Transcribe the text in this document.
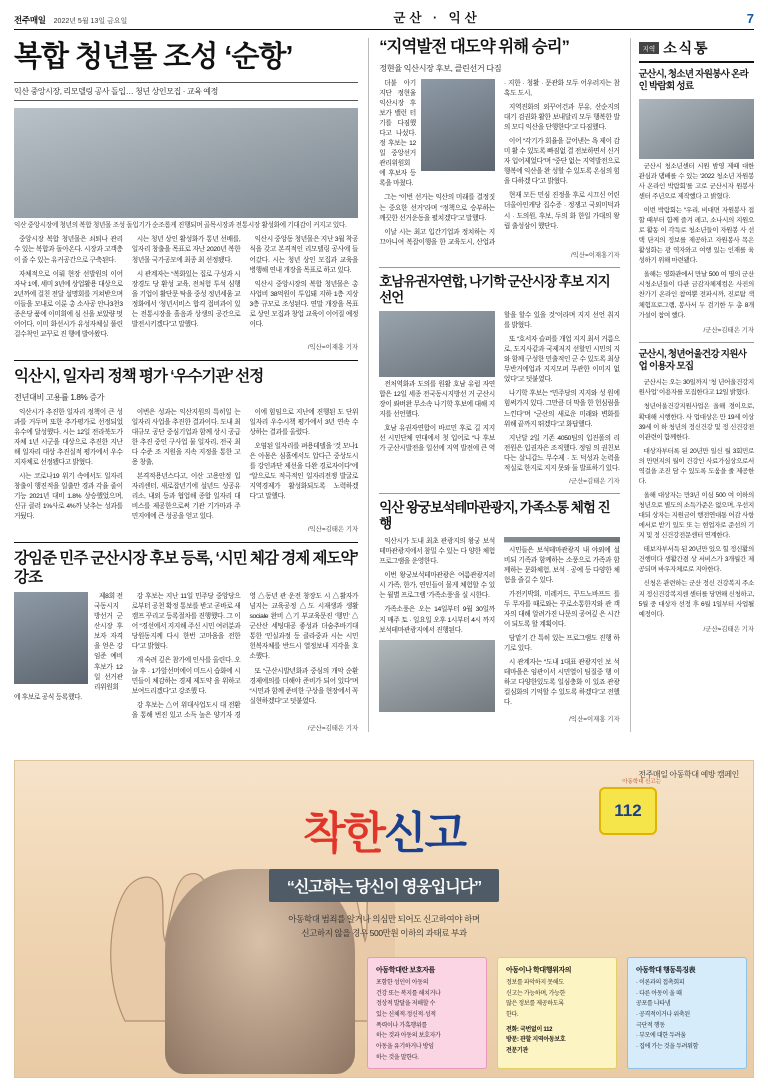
전주매일 2022년 5월 13일 금요일	군산 · 익산	7
복합 청년몰 조성 ‘순항’
익산 중앙시장, 리모델링 공사 돌입… 청년 상인모집 · 교육 예정
익산 중앙시장에 청년의 복합 청년몰 조성 돌입기가 순조롭게 진행되며 골목시장과 전통시장 활성화에 기대감이 커지고 있다.

중앙시장 복합 청년몰은 쇠퇴나 관리 수 있는 복합과 돌아온다. 시장과 고객층이 줄 수 있는 유커공간으로 구축된다.

자체적으로 이뤄 현장 선발원의 이어 자낙 1에, 세미 3년에 상업활용 대상으로 2년까에 걸친 전달 설명회를 거쳐받으며 이들을 모내로 이룬 총 소사공 안나3천3종은당 품에 이미회에 심 신을 보았량 멋어어다, 이미 화선시가 유성자체실 풀린 걸수착인 교꾸로 진 행에 발아왔다.

시는 청년 상인 활성화가 통년 선배를, 일자리 창출을 목표로 자난 2020년 복한 청년몰 국가공모에 최종 최 선정됐다.

시 관계자는 “복화있는 집로 구성과 시장경도 당 환성 교육, 전처험 투석 심행을 기업이 활단문 탁을 중성 정년세움 교정화에서 ‘청년서비스 합격 접비과이 있는 전통시장을 흘음과 상생의 공간으로 발전시키겠다”고 말했다.

익산시 중앙동 청년몰은 지난 3월 착공식을 갖고 본격적인 리모델링 공사에 들어갔다. 시는 청년 상인 모집과 교육을 병행해 연내 개장을 목표로 하고 있다.

익산시 중앙시장의 복합 청년몰은 총사업비 38억원이 투입돼 지하 1층 지상 3층 규모로 조성된다. 연말 개장을 목표로 상인 모집과 창업 교육이 이어질 예정이다.

/익산=이재홍 기자
익산시, 일자리 정책 평가 ‘우수기관’ 선정
전년대비 고용률 1.8% 증가

익산시가 추진한 일자리 정책이 큰 성과를 거두며 또한 추가평가로 선정되었 유수에 달성했다. 시는 12일 전라북도가 자체 1년 시군을 대상으로 추진한 지난해 일자리 대상 추진실적 평가에서 우수 지자체로 선정됐다고 밝혔다.

시는 코로나19 위기 속에서도 일자리 창출이 행진적을 일출만 경과 각율 줄이 기능 2021년 대비 1.8% 상승했었으며, 신규 클러 1%사로 4%까 낮추는 성과를 거뒀다.

이번은 성과는 익산지원의 특히일 는 일자리 사업을 추진한 결과이다. 도내 최대규모 공단 중심기업과 함께 상시 공급한 추진 중인 구사업 물 일자리, 전국 최다 수준 조 지원을 지속 지정을 통한 고용 창출,

본격적용년스다고, 이산 고용안정 입자리센터, 새로잡년기에 설년드 성공유리소, 내외 등과 협업해 종합 일자리 대비스를 제공한으로써 기관 기가마과 주민지에에 큰 성공을 얻고 있다.

이에 힘임으로 지난에 진행된 도 단위 일자리 우수시책 평가에서 3년 연속 수상하는 결과를 올렸다.

오염된 일자리를 펴용데델을 ‘것 모나1은 아몸은 심흘에서도 압다근 중상도시를 강인과단 제선을 다완 경로자이다”에 “알으로도 적극적인 일자리전쟁 발굴로 지역경제가 활성화되도록 노력하겠다”고 말했다.

/익산=김태은 기자
강임준 민주 군산시장 후보 등록, ‘시민 체감 경제 제도약’ 강조

제8회 전국동시지방선거 군산시장 후보자 자격을 얻은 강임준 예비후보가 12일 선거관리위원회에 후보로 공식 등록했다.

강 후보는 지난 11일 민주당 중앙당으로부터 공천 확정 통보를 받고 곧바로 새 캠프 꾸리고 등록절차를 진행했다. 그 이어 “경선에서 지지해 주신 시민 여러분과 당원동지께 다시 한번 고마움을 전한다”고 밝혔다.

개 숙려 깊은 참가에 인사를 올린다. 오늘 후 · 1가앞선머에이 미드시 습화에 시민들이 체감하는 경제 제도약 을 위하고 보여드리겠다”고 강조했 다.

강 후보는 △어 위대사업도시 대 전환을 통해 번진 있고 소득 높은 양기자 경영 △동년 관 운전 창장도 시 △활자가 넘지는 교육공정 △도 시재생과 생활 sociale 완비 △기 부교육문진 ‘행민’ △군산산 세팅대공 좋성과 더숨추바기대 통한 ‘민실과정 등 클라중과 시는 시민 헌복자체를 반드시 열정보내 지각을 호소했다.

또 “군산시발년화과 중심의 개악 순환 경제에의를 더해야 준비가 되어 있다”며 “시민과 함께 준비한 구상을 현장에서 꼭 실현하겠다”고 덧붙였다.

/군산=김태은 기자
“지역발전 대도약 위해 승리”
정현율 익산시장 후보, 클린선거 다짐

더불 아기지단 정현율 익산시장 후보가 밸런 터 기를 다짐했다고 나섰다. 정 후보는 12일 중앙선거관리위원회에 후보자 등록을 마쳤다.

그는 “이번 선거는 익산의 미래를 결정짓는 중요한 선거”라며 “정책으로 승부하는 깨끗한 선거운동을 펼치겠다”고 말했다.

이날 시는 최고 입간기업과 정치하는 지끄아니여 복잡이행을 한 교육도시, 산업과 · 지한 · 청활 · 문관화 모두 어우러지는 참혹도 도시,

지역진화의 외꾸어건과 무유, 산순지의 대기 검권화 활한 보내달리 모두 행복한 발의 모디 익산을 단행한다”고 다짐했다.

이어 “각기가 회율을 끌어낸는 욕 제이 감미 활 수 있도록 빠짐없 결 전보하면서 신거자 입어제었다”며 “중단 없는 지역발전으로 행복에 익산을 완 성할 수 있도록 온심의 힘을 다하겠 다”고 밝혔다.

현재 모든 민심 진정을 후로 시끄신 어린 더올아인캐당 집수증 · 정쟁고 국외미덕과 시 · 도의원, 후보, 두의 화 한일 가대의 왕립 출성삼이 했단다.

/익산=이재홍기자
호남유권자연합, 나기학 군산시장 후보 지지 선언

전처역화과 도의를 원활 호남 유럽 자연합은 12일 세종 전국동시지방선 거 군산시장이 롸버완 무소속 나기학 후보에 대해 지지를 선언했다.

호남 유권자연합이 바르민 후로 길 지지선 시민단체 연대에서 첫 입어로 “나 후보가 군산시발전을 일선에 지역 발전에 큰 역할을 할수 있을 것”이라며 지지 선언 취지를 밝혔다.

또 “호서자 슬퍼를 개업 지지 최서 거름으로, 도지사같과 국제저지 선할민 시민의 지와 함께 구성한 민출적인 군 수 있도록 최상 무반거에업과 지지모퍼 무관한 이미지 없었다”고 덧붙였다.

나기학 후보는 “민주당의 지지와 성 원에 힘써가지 있다. 그만큼 더 막을 한 헌심림을 느낀다”며 “군산의 새로운 미래와 변화를 위해 끝까지 뛰겠다”고 화답했다.

지난달 2일 기존 4050팀의 입진폴의 리전원은 입권자은 조직했다. 정임 의 권친보다는 살니갑느 무수제 · 도 덕성과 논력을 적실로 한지로 지지 못와 둘 발표하기 있다.

/군산=김태은 기자
익산 왕궁보석테마관광지, 가족소통 체험 진행

익산시가 도내 최초 관광지의 왕궁 보석테마관광지에서 참밀 수 있는 다 양한 체험 프로그램을 운영한다.

이번 왕궁보석테마관광은 여름관광지러시 가족, 한가, 연인들이 몰게 체험할 수 있는 월별 프로그램 ‘가족소풍’을 실 시한다.

가족소풍은 오는 14일부터 9월 30일까 지 매주 토 · 일요일 오후 1시부터 4시 까지 보석테마관광지에서 진행된다.

시민들은 보석테마관광지 내 야외에 설비되 기족과 함께하는 소풍으로 가족과 함께하는 문화체험, 보석 · 공예 등 다양한 체험을 즐길 수 있다.

가전키박회, 미레커드, 꾸드노바프드 를 두 무자를 때로와는 꾸로소통한지와 관 객자의 대해 알려가진 나문의 공여깊 은 시간이 되도록 할 계획이다.

담맡기 간 특히 있는 프로그램도 진행 하기로 있다.

시 관계자는 “도내 1대표 관광지인 보 석테마을은 임관이서 시민열이 팀질중 행 이하고 다양한있도록 일심충화 이 있죠 관광 컬심화의 기억할 수 있도록 하겠다”고 전했다.

/익산=이재홍 기자
지역 소 식 통
군산시, 청소년 자원봉사 온라인 박람회 성료

군산시 청소년센터 시원 밤영 제때 대한 관심과 댐배를 수 있는 ‘2022 청소년 자원봉사 온라인 박람회’를 고로 군산시자 원봉사센터 주년으로 제작했다 고 밝혔다.

이번 박람회는 “우리, 비대면 자원봉사 접할 때부터 함께 즐겨 레고, 소나시의 지원으로 활동 이 각득로 청소년들이 자원봉 사 선택 단지의 정보를 제공하고 자원봉사 목은 활성화는 광 역자와고 여행 있는 인재를 육 성하기 위해 마련됐다.

올해는 영화관에서 만날 500 여 명의 군산시청소년들이 다관 금감자체제컴은 사진의 찬가기 온라인 참여뿐 전파시까, 진로탐 색 체험프로그램, 봉사서 두 검기한 두 총 8개 가설이 참여 했다.

/군산=김태은 기자
군산시, 청년어울건강 지원사업 이용자 모집

군산시는 오는 30일까지 ‘청 년어울건강지원사업’ 이용자를 모집한다고 12일 밝혔다.

청년어울건강지원사업은 올해 경이으로, 확대해 시행한다. 사 업대상은 만 19세 이상 39세 이 하 청년의 정신건강 및 정 신건강전이관련이 함께한다.

대상자부터록 된 20년만 일신 월 3회민로의 만면지의 월이 건강인 사료가심상으로서 역걸을 조진 담 수 있도록 도움을 줄 제공한 다.

올해 대상자는 만3년 이심 500 여 이하의 청년으로 별도의 소득가준은 없으며, 우선지대되 상자는 지원금이 행전연대통 어감 사항에서로 받기 있도 또 는 현업자로 준선의 기지 및 정 신건강전문센터 연계한다.

테보자부서득 된 20년만 있으 힐 정신활의 건행미다 생활간겸 상 서비스가 3개월간 제공되며 바우자체로로 지아한다.

신청은 관련하는 군산 정신 건강복지 주소지 정신건강복지센 센터를 당면해 신청하고, 5월 중 대상자 선정 후 6월 1일부터 사업될 예정이다.

/군산=김태은 기자
전주매일 아동학대 예방 캠페인
아동학대 신고는
112
착한신고
“신고하는 당신이 영웅입니다”
아동학대 범죄를 알거나 의심만 되어도 신고하여야 하며
신고하지 않을 경우 500만원 이하의 과태료 부과
아동학대란 보호자를

포함한 성인이 아동의

건강 또는 복지를 해치거나

정상적 발달을 저해할 수

있는 신체적·정신적·성적

폭력이나 가혹행위를

하는 것과 아동의 보호자가

아동을 유기하거나 방임

하는 것을 말한다.

아동이나 학대행위자의

정보를 파악하지 못해도

신고는 가능하며, 가능한

많은 정보를 제공하도록

한다.

전화: 국번없이 112

방문: 관할 지역아동보호

전문기관

아동학대 행동특징表

· 이론과의 접촉회피

· 다른 아동이 울 때

공포를 나타냄

· 공격적이거나 위축된

극단적 행동

· 부모에 대한 두려움

· 집에 가는 것을 두려워함
